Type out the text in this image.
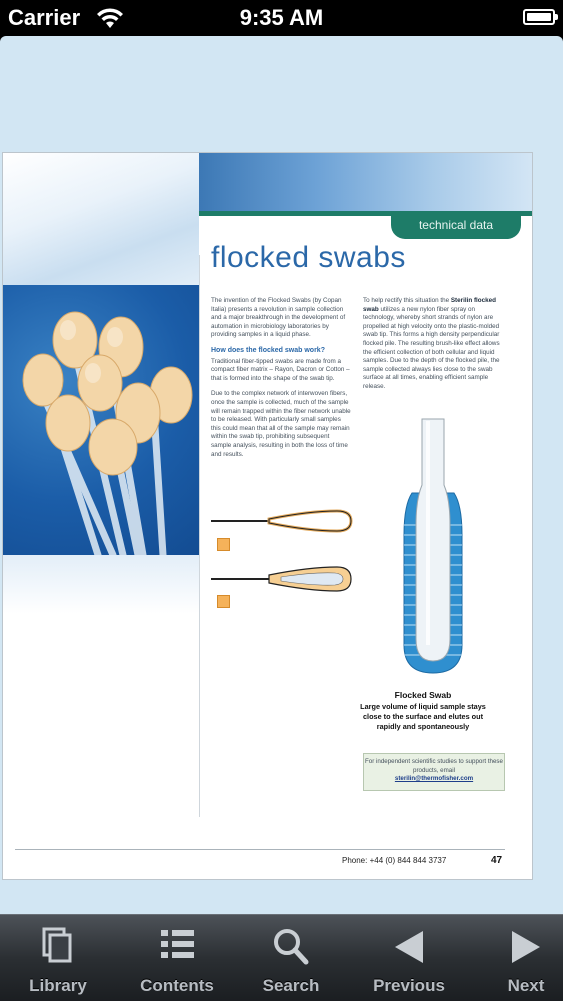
Carrier	9:35 AM
technical data
flocked swabs

The invention of the Flocked Swabs (by Copan Italia) presents a revolution in sample collection and a major breakthrough in the development of automation in microbiology laboratories by providing samples in a liquid phase.

How does the flocked swab work?

Traditional fiber-tipped swabs are made from a compact fiber matrix – Rayon, Dacron or Cotton – that is formed into the shape of the swab tip.

Due to the complex network of interwoven fibers, once the sample is collected, much of the sample will remain trapped within the fiber network unable to be released. With particularly small samples this could mean that all of the sample may remain within the swab tip, prohibiting subsequent sample analysis, resulting in both the loss of time and results.

To help rectify this situation the Sterilin flocked swab utilizes a new nylon fiber spray on technology, whereby short strands of nylon are propelled at high velocity onto the plastic-molded swab tip. This forms a high density perpendicular flocked pile. The resulting brush-like effect allows the efficient collection of both cellular and liquid samples. Due to the depth of the flocked pile, the sample collected always lies close to the swab surface at all times, enabling efficient sample release.

Flocked Swab
Large volume of liquid sample stays close to the surface and elutes out rapidly and spontaneously
For independent scientific studies to support these products, email
sterilin@thermofisher.com
Phone: +44 (0) 844 844 3737	47
Library	Contents	Search	Previous	Next
